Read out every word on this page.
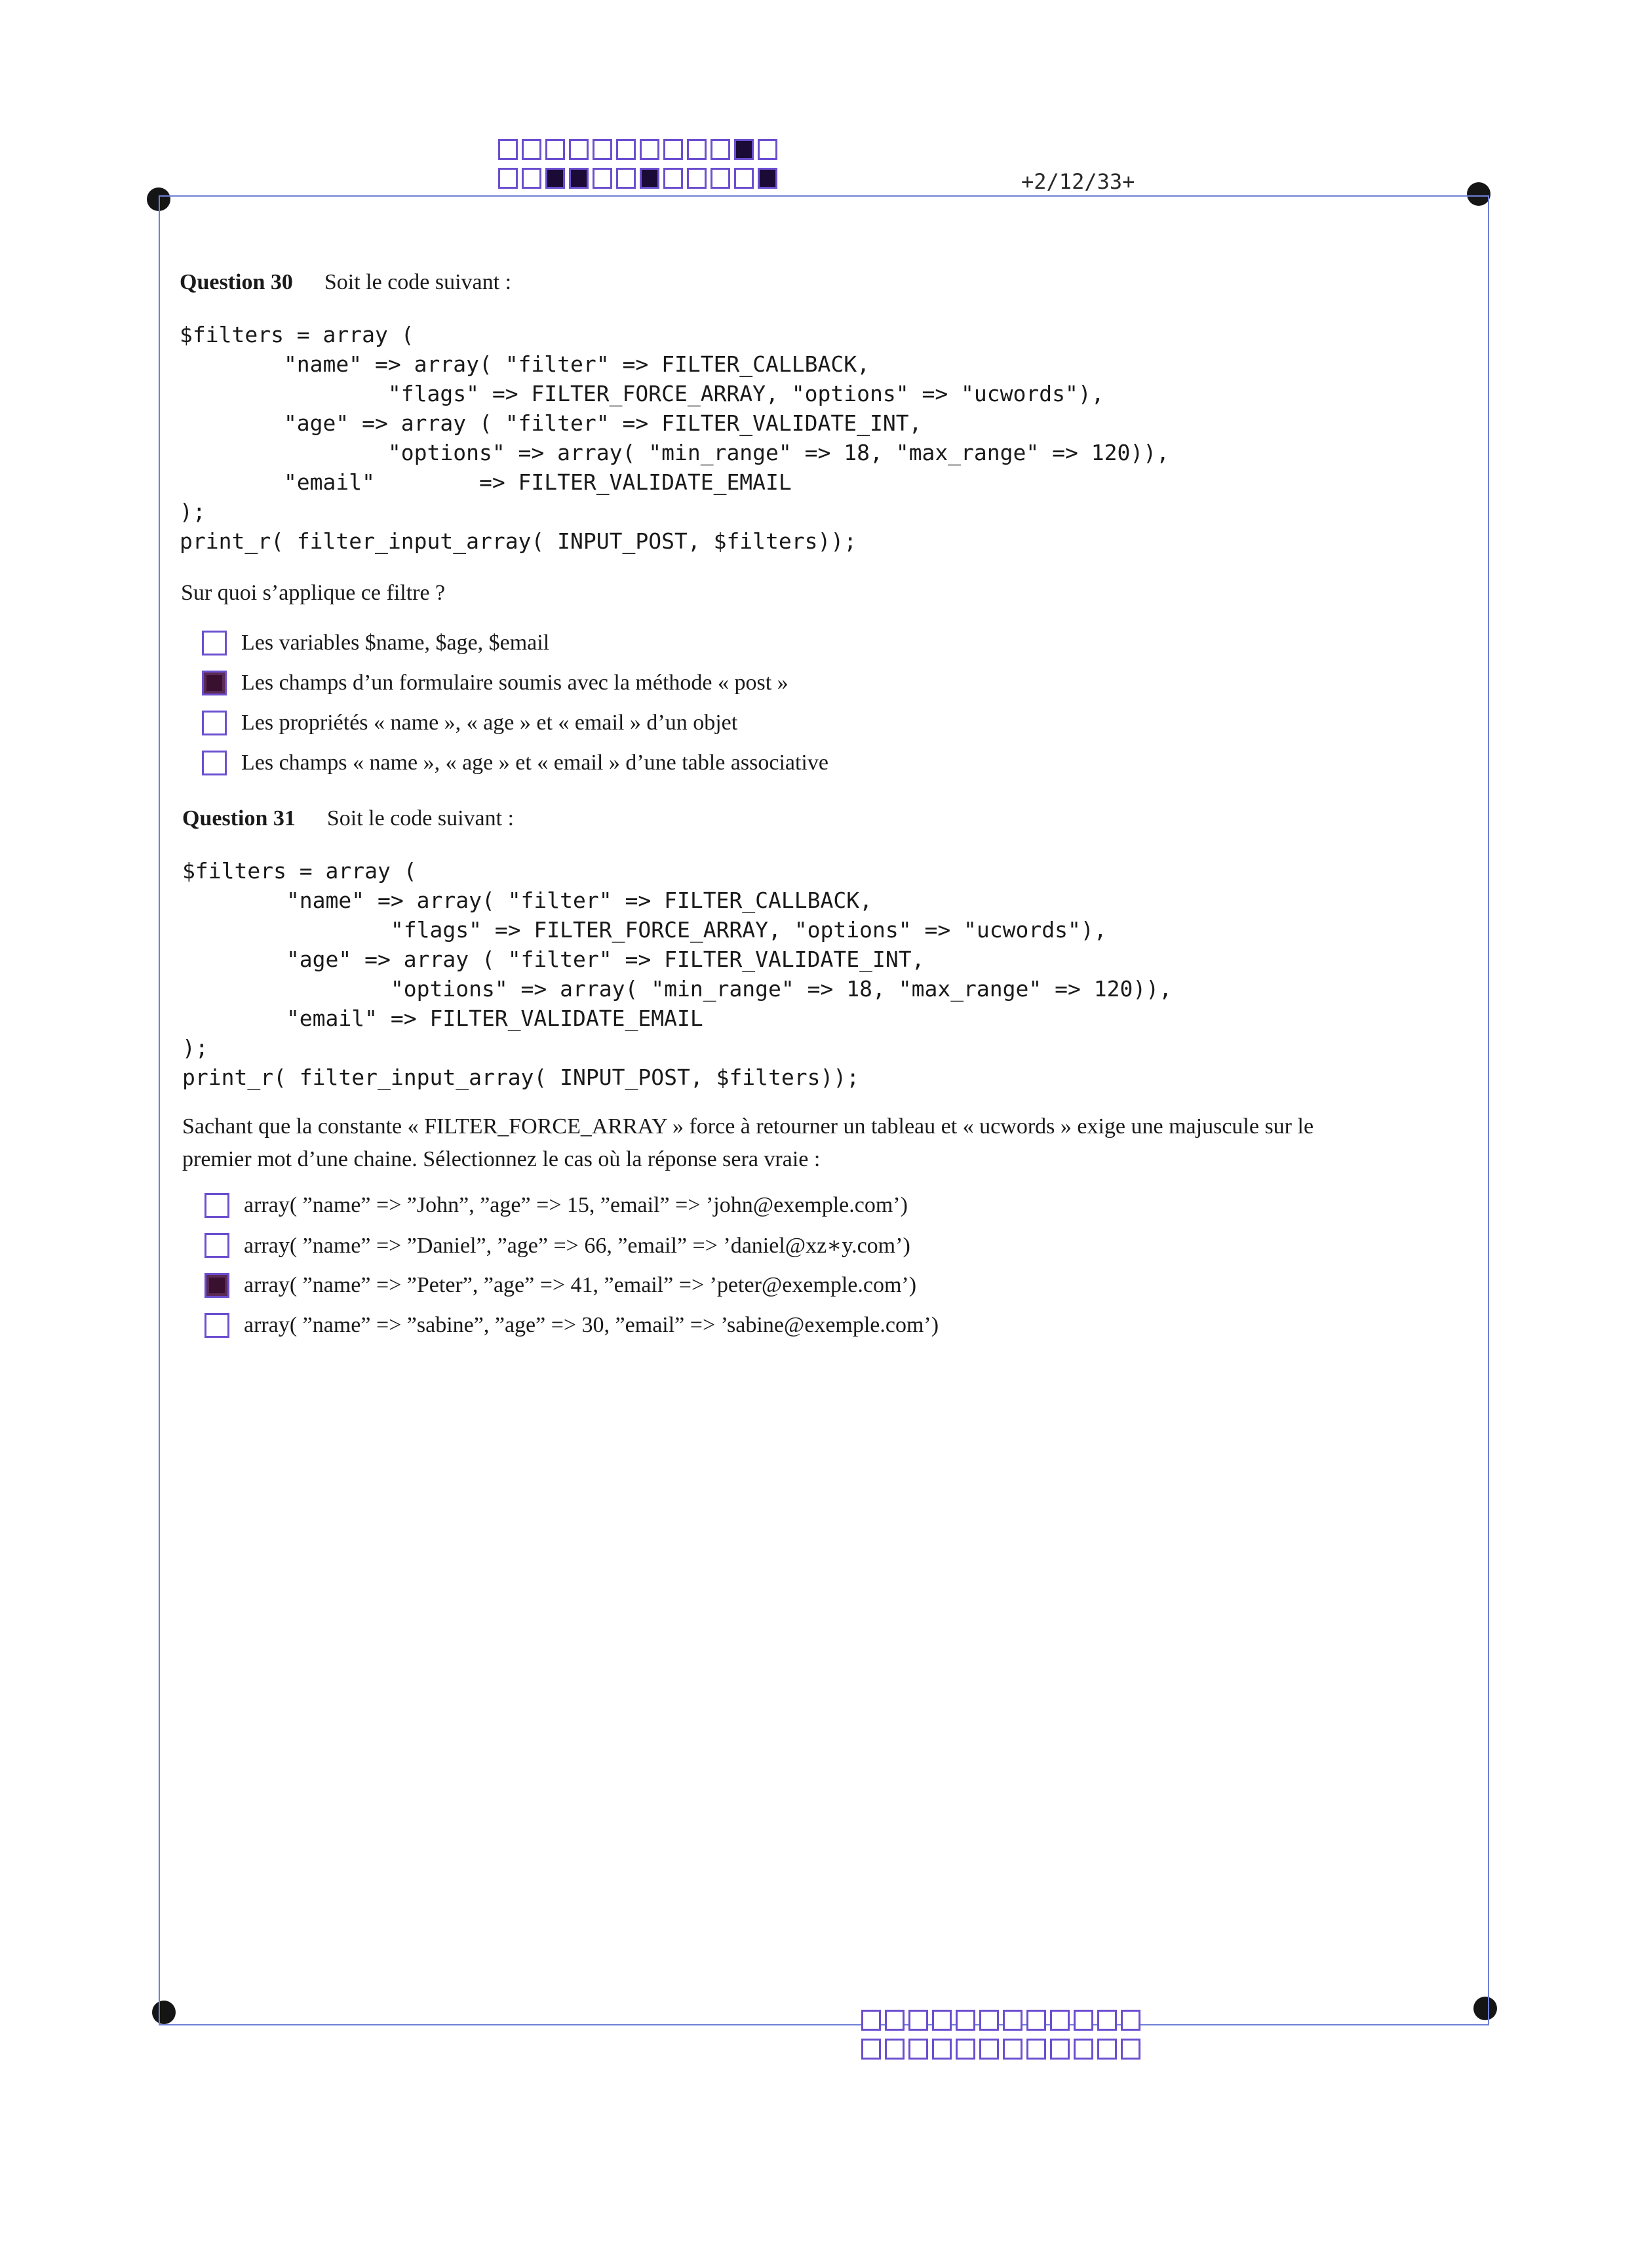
+2/12/33+
Question 30 Soit le code suivant :
$filters = array (
"name" => array( "filter" => FILTER_CALLBACK,
"flags" => FILTER_FORCE_ARRAY, "options" => "ucwords"),
"age" => array ( "filter" => FILTER_VALIDATE_INT,
"options" => array( "min_range" => 18, "max_range" => 120)),
"email"        => FILTER_VALIDATE_EMAIL
);
print_r( filter_input_array( INPUT_POST, $filters));
Sur quoi s’applique ce filtre ?
Les variables $name, $age, $email
Les champs d’un formulaire soumis avec la méthode « post »
Les propriétés « name », « age » et « email » d’un objet
Les champs « name », « age » et « email » d’une table associative
Question 31 Soit le code suivant :
$filters = array (
"name" => array( "filter" => FILTER_CALLBACK,
"flags" => FILTER_FORCE_ARRAY, "options" => "ucwords"),
"age" => array ( "filter" => FILTER_VALIDATE_INT,
"options" => array( "min_range" => 18, "max_range" => 120)),
"email" => FILTER_VALIDATE_EMAIL
);
print_r( filter_input_array( INPUT_POST, $filters));
Sachant que la constante « FILTER_FORCE_ARRAY » force à retourner un tableau et « ucwords » exige une majuscule sur le
premier mot d’une chaine. Sélectionnez le cas où la réponse sera vraie :
array( ”name” => ”John”, ”age” => 15, ”email” => ’john@exemple.com’)
array( ”name” => ”Daniel”, ”age” => 66, ”email” => ’daniel@xz∗y.com’)
array( ”name” => ”Peter”, ”age” => 41, ”email” => ’peter@exemple.com’)
array( ”name” => ”sabine”, ”age” => 30, ”email” => ’sabine@exemple.com’)
